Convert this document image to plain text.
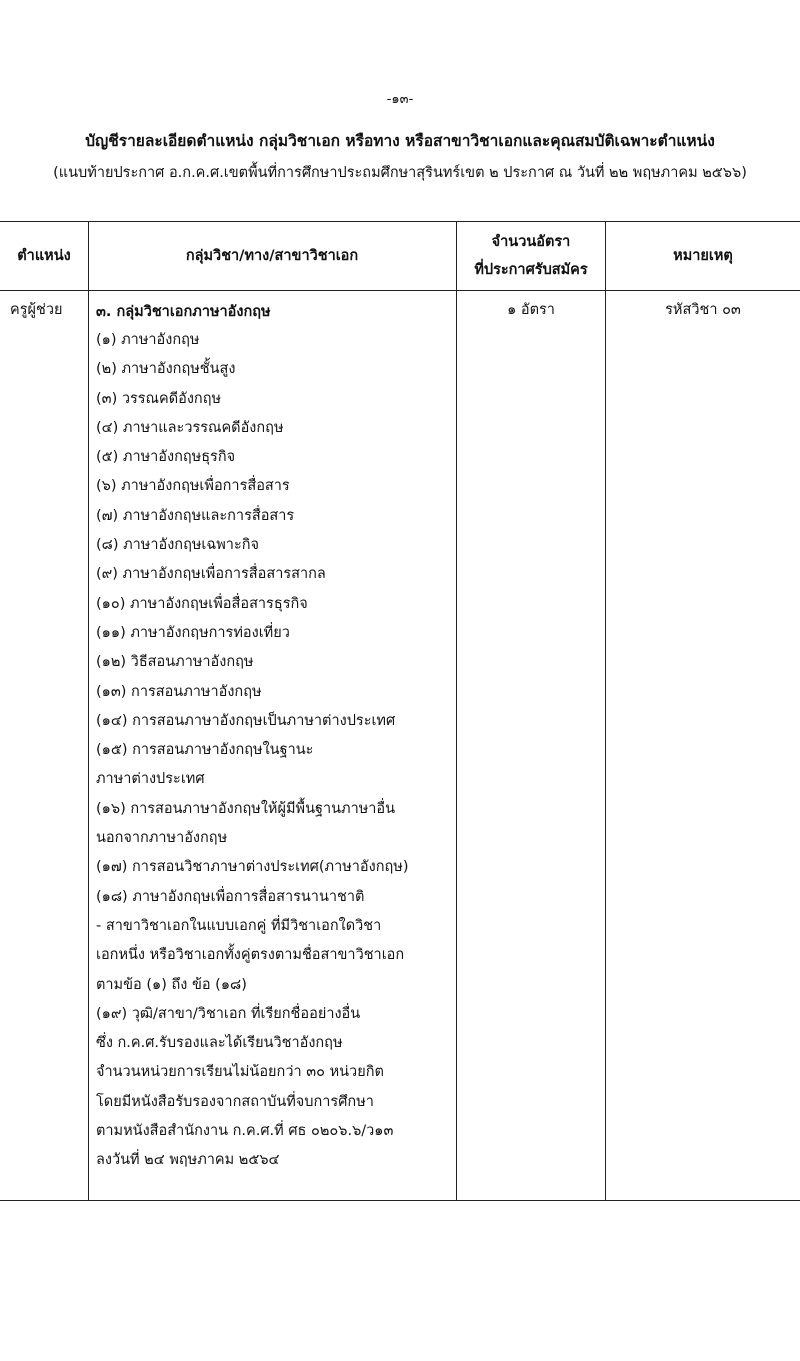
-๑๓-
บัญชีรายละเอียดตำแหน่ง กลุ่มวิชาเอก หรือทาง หรือสาขาวิชาเอกและคุณสมบัติเฉพาะตำแหน่ง
(แนบท้ายประกาศ อ.ก.ค.ศ.เขตพื้นที่การศึกษาประถมศึกษาสุรินทร์เขต ๒ ประกาศ ณ วันที่ ๒๒ พฤษภาคม ๒๕๖๖)
ตำแหน่ง	กลุ่มวิชา/ทาง/สาขาวิชาเอก
จำนวนอัตรา
ที่ประกาศรับสมัคร
หมายเหตุ
ครูผู้ช่วย ๓. กลุ่มวิชาเอกภาษาอังกฤษ
(๑) ภาษาอังกฤษ
(๒) ภาษาอังกฤษชั้นสูง
(๓) วรรณคดีอังกฤษ
(๔) ภาษาและวรรณคดีอังกฤษ
(๕) ภาษาอังกฤษธุรกิจ
(๖) ภาษาอังกฤษเพื่อการสื่อสาร
(๗) ภาษาอังกฤษและการสื่อสาร
(๘) ภาษาอังกฤษเฉพาะกิจ
(๙) ภาษาอังกฤษเพื่อการสื่อสารสากล
(๑๐) ภาษาอังกฤษเพื่อสื่อสารธุรกิจ
(๑๑) ภาษาอังกฤษการท่องเที่ยว
(๑๒) วิธีสอนภาษาอังกฤษ
(๑๓) การสอนภาษาอังกฤษ
(๑๔) การสอนภาษาอังกฤษเป็นภาษาต่างประเทศ
(๑๕) การสอนภาษาอังกฤษในฐานะ
ภาษาต่างประเทศ
(๑๖) การสอนภาษาอังกฤษให้ผู้มีพื้นฐานภาษาอื่น
นอกจากภาษาอังกฤษ
(๑๗) การสอนวิชาภาษาต่างประเทศ(ภาษาอังกฤษ)
(๑๘) ภาษาอังกฤษเพื่อการสื่อสารนานาชาติ
- สาขาวิชาเอกในแบบเอกคู่ ที่มีวิชาเอกใดวิชา
เอกหนึ่ง หรือวิชาเอกทั้งคู่ตรงตามชื่อสาขาวิชาเอก
ตามข้อ (๑) ถึง ข้อ (๑๘)
(๑๙) วุฒิ/สาขา/วิชาเอก ที่เรียกชื่ออย่างอื่น
ซึ่ง ก.ค.ศ.รับรองและได้เรียนวิชาอังกฤษ
จำนวนหน่วยการเรียนไม่น้อยกว่า ๓๐ หน่วยกิต
โดยมีหนังสือรับรองจากสถาบันที่จบการศึกษา
ตามหนังสือสำนักงาน ก.ค.ศ.ที่ ศธ ๐๒๐๖.๖/ว๑๓
ลงวันที่ ๒๔ พฤษภาคม ๒๕๖๔
๑ อัตรา	รหัสวิชา ๐๓
